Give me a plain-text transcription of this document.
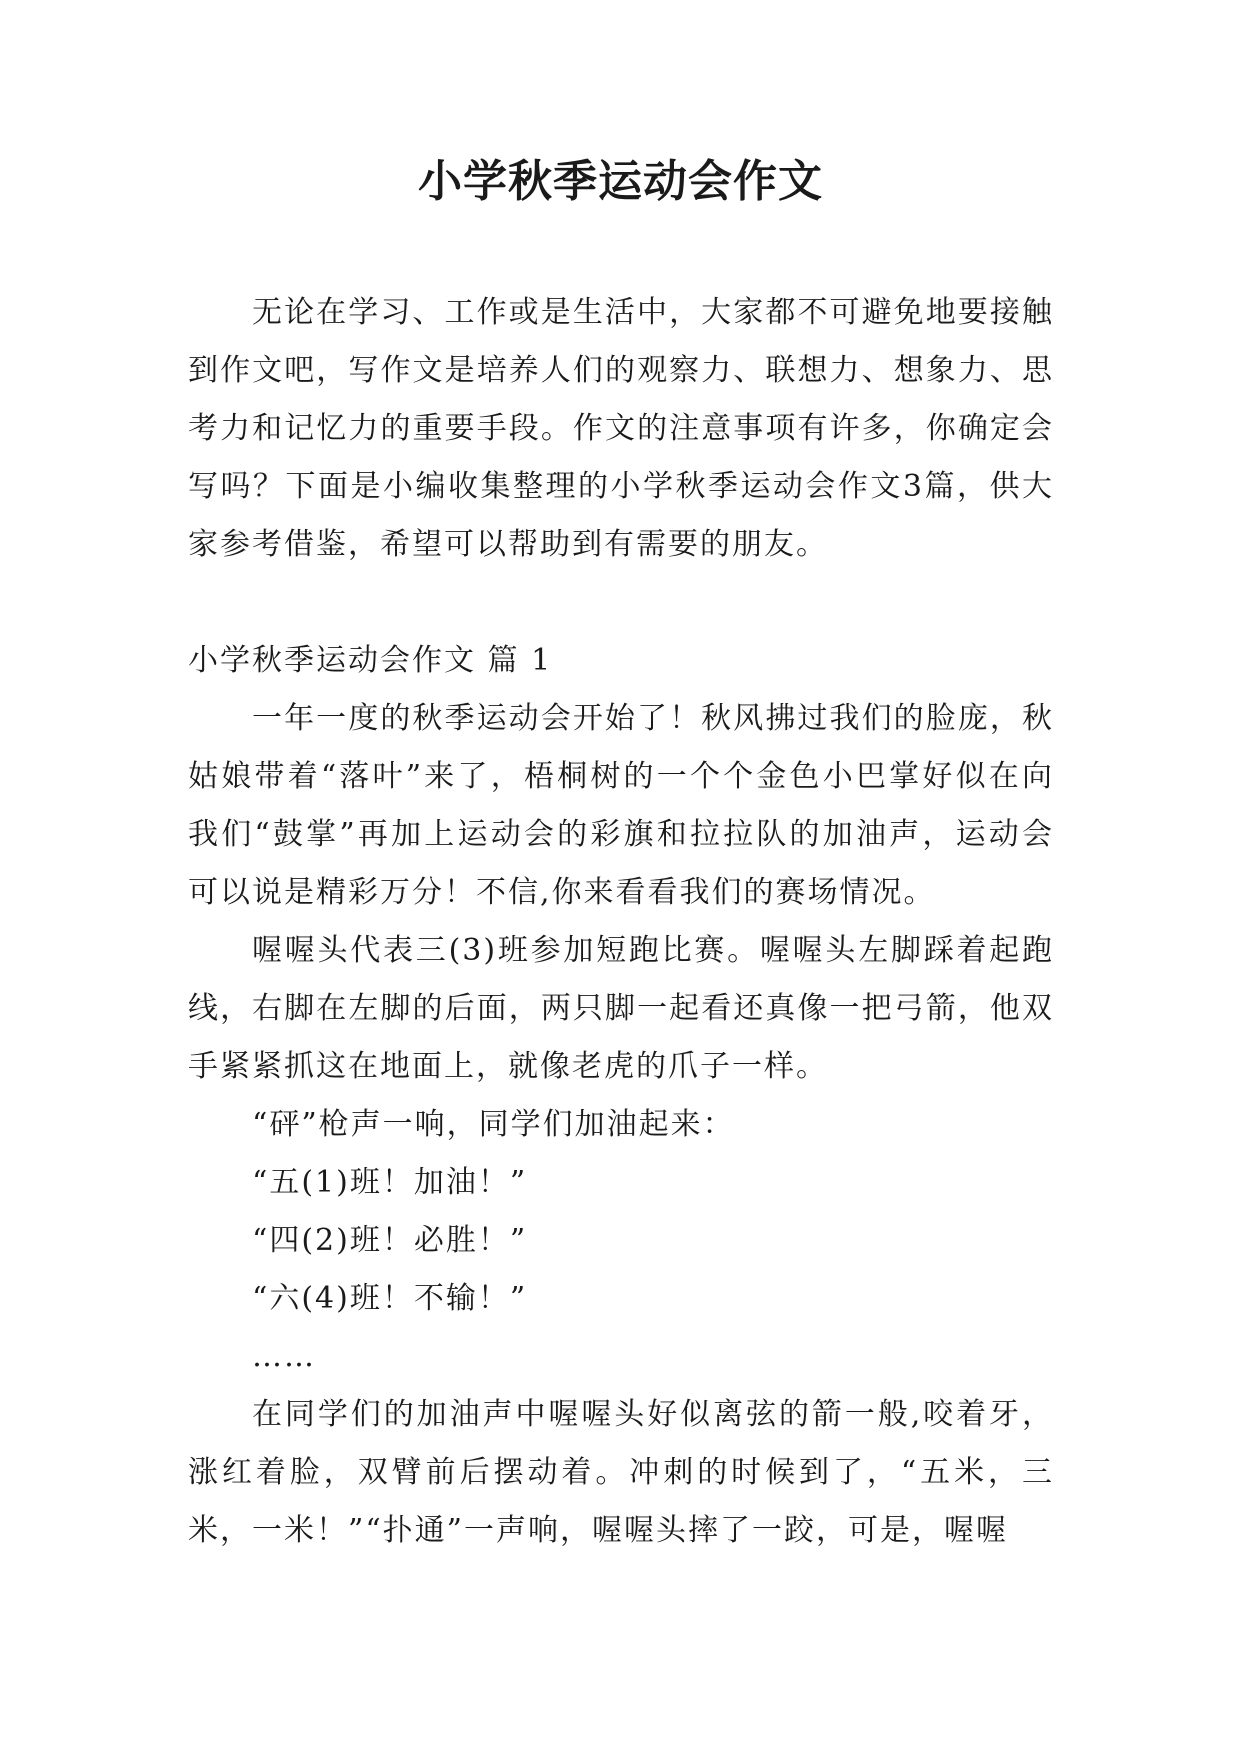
小学秋季运动会作文

无论在学习、工作或是生活中，大家都不可避免地要接触到作文吧，写作文是培养人们的观察力、联想力、想象力、思考力和记忆力的重要手段。作文的注意事项有许多，你确定会写吗？下面是小编收集整理的小学秋季运动会作文3篇，供大家参考借鉴，希望可以帮助到有需要的朋友。

小学秋季运动会作文 篇 1

一年一度的秋季运动会开始了！秋风拂过我们的脸庞，秋姑娘带着“落叶”来了，梧桐树的一个个金色小巴掌好似在向我们“鼓掌”再加上运动会的彩旗和拉拉队的加油声，运动会可以说是精彩万分！不信,你来看看我们的赛场情况。

喔喔头代表三(3)班参加短跑比赛。喔喔头左脚踩着起跑线，右脚在左脚的后面，两只脚一起看还真像一把弓箭，他双手紧紧抓这在地面上，就像老虎的爪子一样。

“砰”枪声一响，同学们加油起来：

“五(1)班！加油！”

“四(2)班！必胜！”

“六(4)班！不输！”

……

在同学们的加油声中喔喔头好似离弦的箭一般,咬着牙，涨红着脸，双臂前后摆动着。冲刺的时候到了，“五米，三米，一米！”“扑通”一声响，喔喔头摔了一跤，可是，喔喔
